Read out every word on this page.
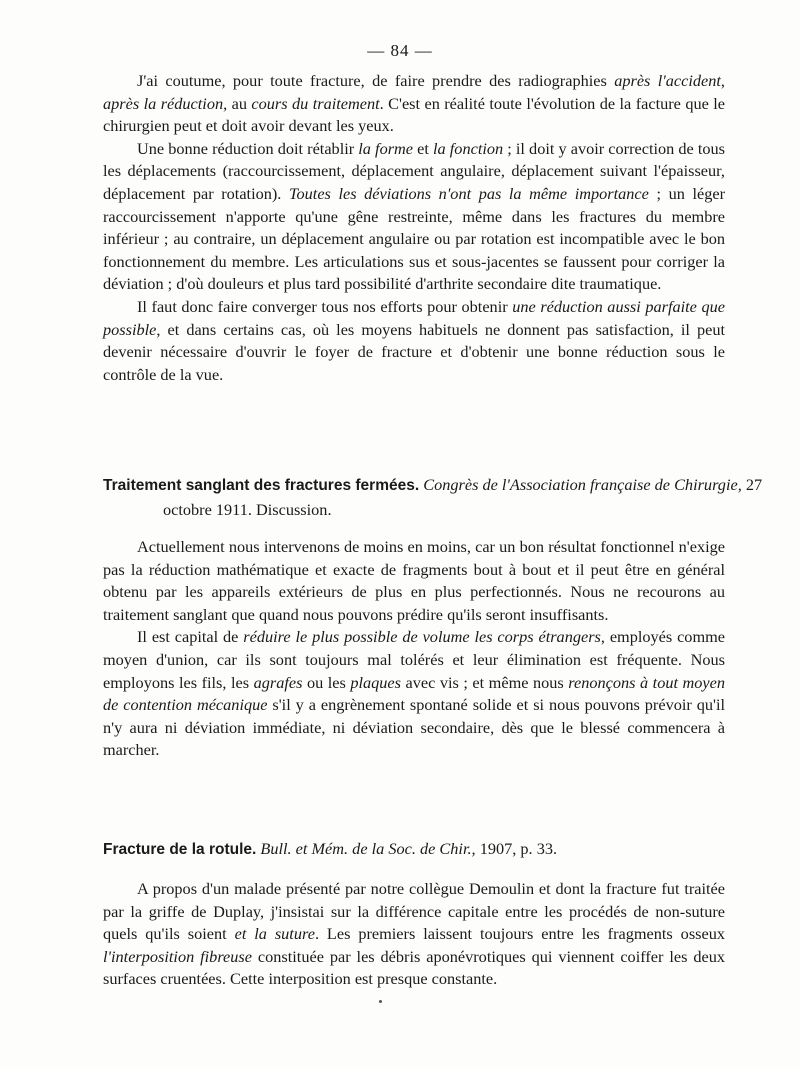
— 84 —

J'ai coutume, pour toute fracture, de faire prendre des radiographies après l'accident, après la réduction, au cours du traitement. C'est en réalité toute l'évolution de la facture que le chirurgien peut et doit avoir devant les yeux.

Une bonne réduction doit rétablir la forme et la fonction ; il doit y avoir correction de tous les déplacements (raccourcissement, déplacement angulaire, déplacement suivant l'épaisseur, déplacement par rotation). Toutes les déviations n'ont pas la même importance ; un léger raccourcissement n'apporte qu'une gêne restreinte, même dans les fractures du membre inférieur ; au contraire, un déplacement angulaire ou par rotation est incompatible avec le bon fonctionnement du membre. Les articulations sus et sous-jacentes se faussent pour corriger la déviation ; d'où douleurs et plus tard possibilité d'arthrite secondaire dite traumatique.

Il faut donc faire converger tous nos efforts pour obtenir une réduction aussi parfaite que possible, et dans certains cas, où les moyens habituels ne donnent pas satisfaction, il peut devenir nécessaire d'ouvrir le foyer de fracture et d'obtenir une bonne réduction sous le contrôle de la vue.

Traitement sanglant des fractures fermées. Congrès de l'Association française de Chirurgie, 27 octobre 1911. Discussion.

Actuellement nous intervenons de moins en moins, car un bon résultat fonctionnel n'exige pas la réduction mathématique et exacte de fragments bout à bout et il peut être en général obtenu par les appareils extérieurs de plus en plus perfectionnés. Nous ne recourons au traitement sanglant que quand nous pouvons prédire qu'ils seront insuffisants.

Il est capital de réduire le plus possible de volume les corps étrangers, employés comme moyen d'union, car ils sont toujours mal tolérés et leur élimination est fréquente. Nous employons les fils, les agrafes ou les plaques avec vis ; et même nous renonçons à tout moyen de contention mécanique s'il y a engrènement spontané solide et si nous pouvons prévoir qu'il n'y aura ni déviation immédiate, ni déviation secondaire, dès que le blessé commencera à marcher.

Fracture de la rotule. Bull. et Mém. de la Soc. de Chir., 1907, p. 33.

A propos d'un malade présenté par notre collègue Demoulin et dont la fracture fut traitée par la griffe de Duplay, j'insistai sur la différence capitale entre les procédés de non-suture quels qu'ils soient et la suture. Les premiers laissent toujours entre les fragments osseux l'interposition fibreuse constituée par les débris aponévrotiques qui viennent coiffer les deux surfaces cruentées. Cette interposition est presque constante.
